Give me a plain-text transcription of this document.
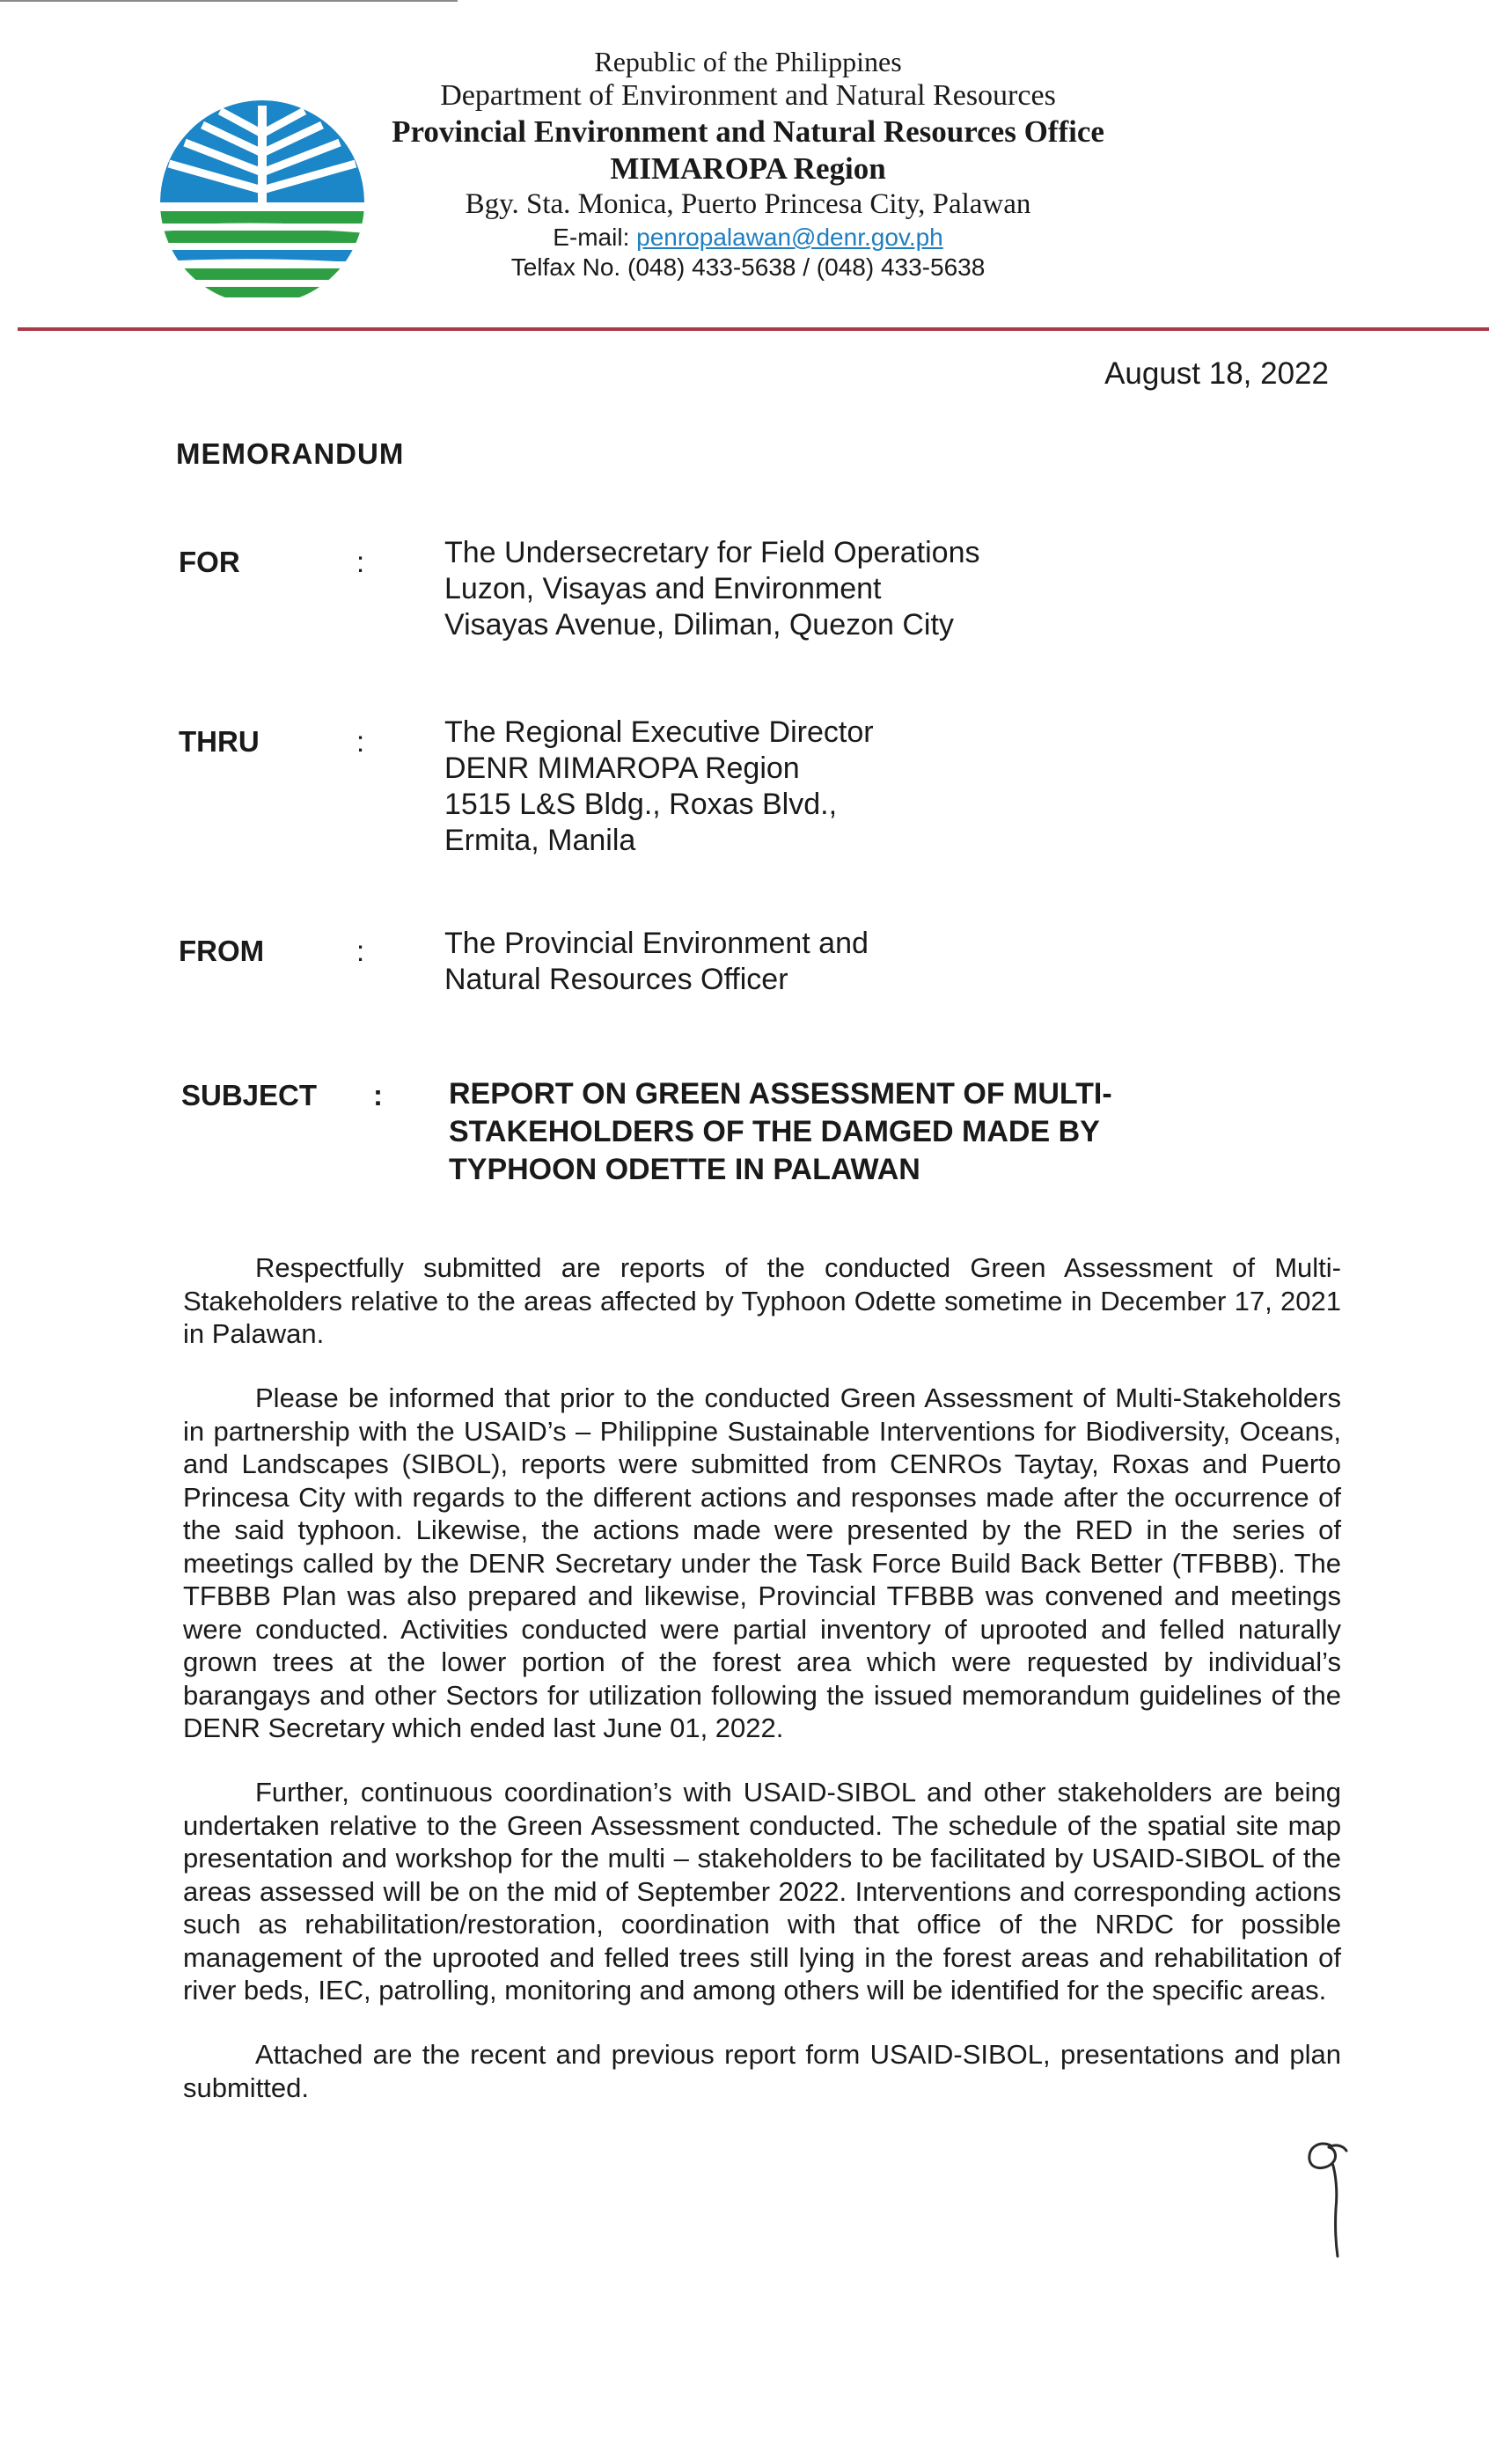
Republic of the Philippines
Department of Environment and Natural Resources
Provincial Environment and Natural Resources Office
MIMAROPA Region
Bgy. Sta. Monica, Puerto Princesa City, Palawan
E-mail: penropalawan@denr.gov.ph
Telfax No. (048) 433-5638 / (048) 433-5638
August 18, 2022
MEMORANDUM
FOR	:	The Undersecretary for Field Operations
Luzon, Visayas and Environment
Visayas Avenue, Diliman, Quezon City
THRU	:	The Regional Executive Director
DENR MIMAROPA Region
1515 L&S Bldg., Roxas Blvd.,
Ermita, Manila
FROM	:	The Provincial Environment and
Natural Resources Officer
SUBJECT : REPORT ON GREEN ASSESSMENT OF MULTI-STAKEHOLDERS OF THE DAMGED MADE BY TYPHOON ODETTE IN PALAWAN

Respectfully submitted are reports of the conducted Green Assessment of Multi-Stakeholders relative to the areas affected by Typhoon Odette sometime in December 17, 2021 in Palawan.

Please be informed that prior to the conducted Green Assessment of Multi-Stakeholders in partnership with the USAID’s – Philippine Sustainable Interventions for Biodiversity, Oceans, and Landscapes (SIBOL), reports were submitted from CENROs Taytay, Roxas and Puerto Princesa City with regards to the different actions and responses made after the occurrence of the said typhoon. Likewise, the actions made were presented by the RED in the series of meetings called by the DENR Secretary under the Task Force Build Back Better (TFBBB). The TFBBB Plan was also prepared and likewise, Provincial TFBBB was convened and meetings were conducted. Activities conducted were partial inventory of uprooted and felled naturally grown trees at the lower portion of the forest area which were requested by individual’s barangays and other Sectors for utilization following the issued memorandum guidelines of the DENR Secretary which ended last June 01, 2022.

Further, continuous coordination’s with USAID-SIBOL and other stakeholders are being undertaken relative to the Green Assessment conducted. The schedule of the spatial site map presentation and workshop for the multi – stakeholders to be facilitated by USAID-SIBOL of the areas assessed will be on the mid of September 2022. Interventions and corresponding actions such as rehabilitation/restoration, coordination with that office of the NRDC for possible management of the uprooted and felled trees still lying in the forest areas and rehabilitation of river beds, IEC, patrolling, monitoring and among others will be identified for the specific areas.

Attached are the recent and previous report form USAID-SIBOL, presentations and plan submitted.
